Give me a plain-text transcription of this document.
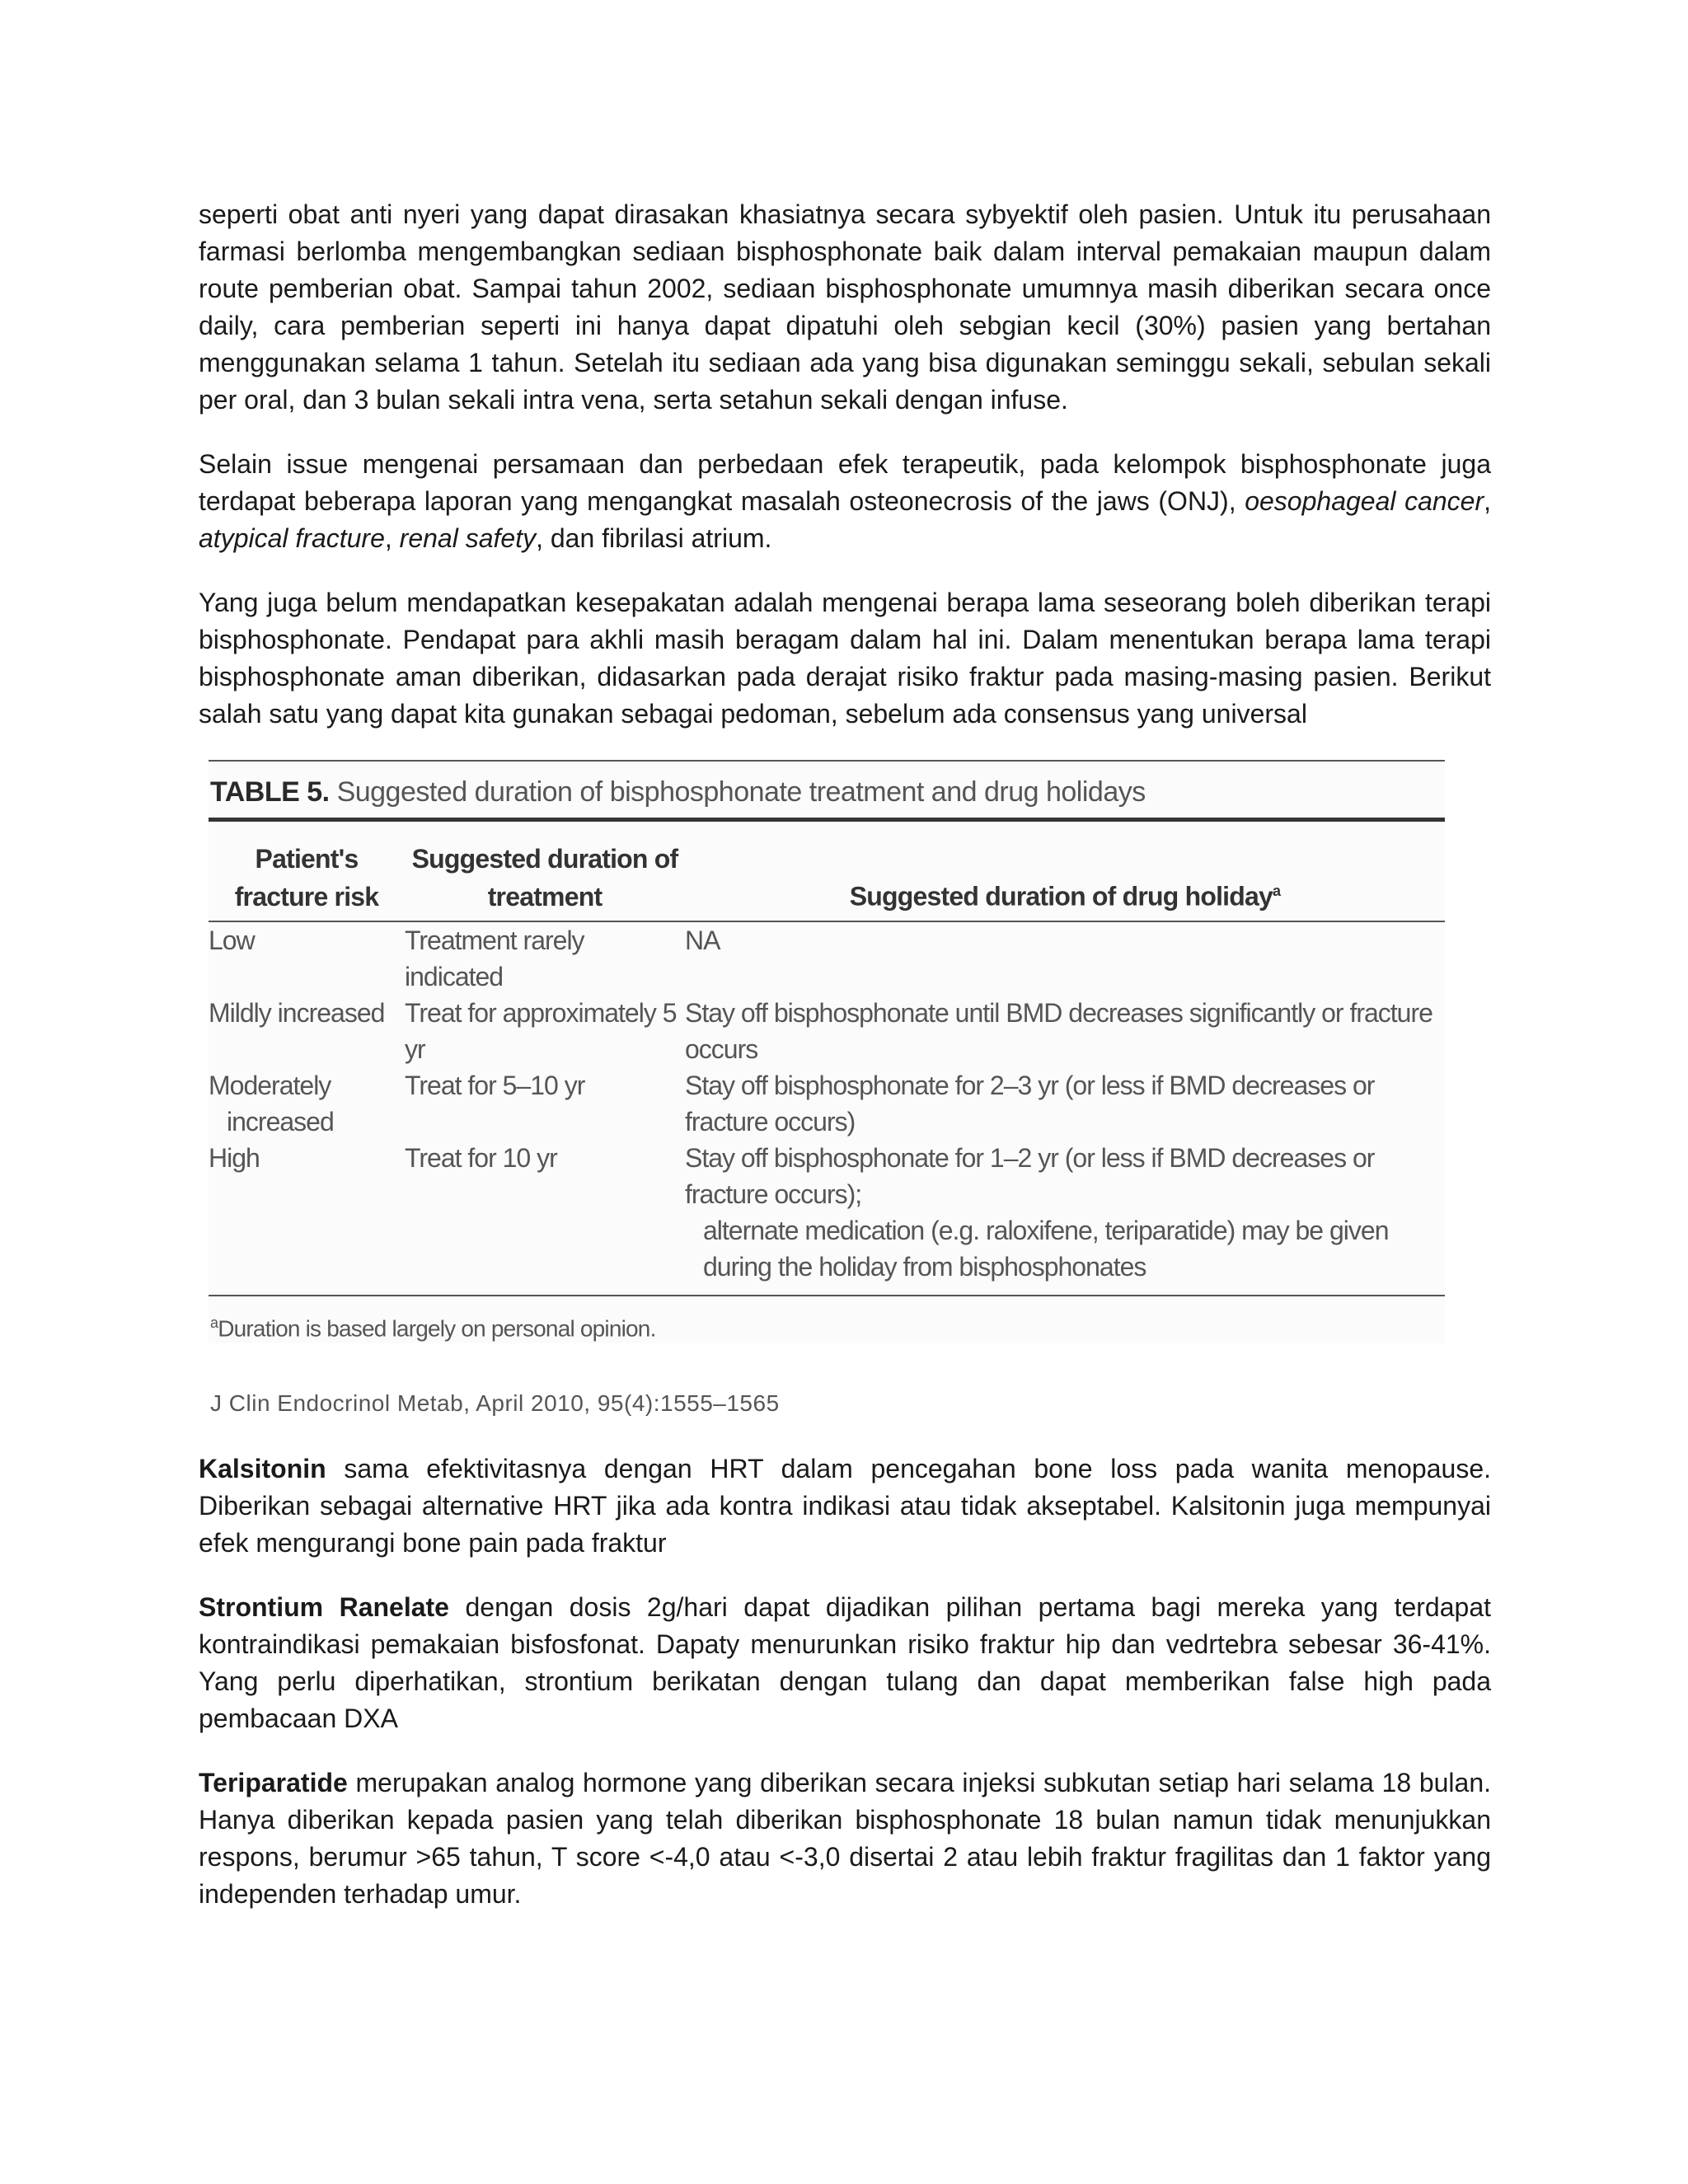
seperti obat anti nyeri yang dapat dirasakan khasiatnya secara sybyektif oleh pasien. Untuk itu perusahaan farmasi berlomba mengembangkan sediaan bisphosphonate baik dalam interval pemakaian maupun dalam route pemberian obat. Sampai tahun 2002, sediaan bisphosphonate umumnya masih diberikan secara once daily, cara pemberian seperti ini hanya dapat dipatuhi oleh sebgian kecil (30%) pasien yang bertahan menggunakan selama 1 tahun. Setelah itu sediaan ada yang bisa digunakan seminggu sekali, sebulan sekali per oral, dan 3 bulan sekali intra vena, serta setahun sekali dengan infuse.

Selain issue mengenai persamaan dan perbedaan efek terapeutik, pada kelompok bisphosphonate juga terdapat beberapa laporan yang mengangkat masalah osteonecrosis of the jaws (ONJ), oesophageal cancer, atypical fracture, renal safety, dan fibrilasi atrium.

Yang juga belum mendapatkan kesepakatan adalah mengenai berapa lama seseorang boleh diberikan terapi bisphosphonate. Pendapat para akhli masih beragam dalam hal ini. Dalam menentukan berapa lama terapi bisphosphonate aman diberikan, didasarkan pada derajat risiko fraktur pada masing-masing pasien. Berikut salah satu yang dapat kita gunakan sebagai pedoman, sebelum ada consensus yang universal

TABLE 5. Suggested duration of bisphosphonate treatment and drug holidays
Patient's fracture risk	Suggested duration of treatment	Suggested duration of drug holiday$^a$
Low	Treatment rarely indicated	NA
Mildly increased	Treat for approximately 5 yr	Stay off bisphosphonate until BMD decreases significantly or fracture occurs
Moderately
increased	Treat for 5–10 yr	Stay off bisphosphonate for 2–3 yr (or less if BMD decreases or fracture occurs)
High	Treat for 10 yr	Stay off bisphosphonate for 1–2 yr (or less if BMD decreases or fracture occurs);
alternate medication (e.g. raloxifene, teriparatide) may be given during the holiday from bisphosphonates
$^a$Duration is based largely on personal opinion.
J Clin Endocrinol Metab, April 2010, 95(4):1555–1565

Kalsitonin sama efektivitasnya dengan HRT dalam pencegahan bone loss pada wanita menopause. Diberikan sebagai alternative HRT jika ada kontra indikasi atau tidak akseptabel. Kalsitonin juga mempunyai efek mengurangi bone pain pada fraktur

Strontium Ranelate dengan dosis 2g/hari dapat dijadikan pilihan pertama bagi mereka yang terdapat kontraindikasi pemakaian bisfosfonat. Dapaty menurunkan risiko fraktur hip dan vedrtebra sebesar 36-41%. Yang perlu diperhatikan, strontium berikatan dengan tulang dan dapat memberikan false high pada pembacaan DXA

Teriparatide merupakan analog hormone yang diberikan secara injeksi subkutan setiap hari selama 18 bulan. Hanya diberikan kepada pasien yang telah diberikan bisphosphonate 18 bulan namun tidak menunjukkan respons, berumur >65 tahun, T score <-4,0 atau <-3,0 disertai 2 atau lebih fraktur fragilitas dan 1 faktor yang independen terhadap umur.
